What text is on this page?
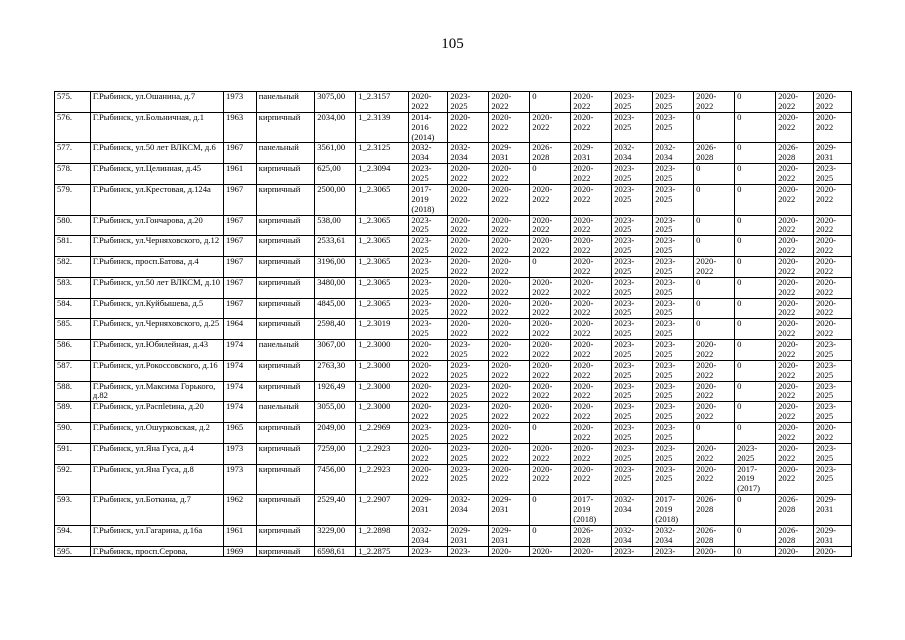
105
575.	Г.Рыбинск, ул.Ошанина, д.7	1973	панельный	3075,00	1_2.3157	2020-2022	2023-2025	2020-2022	0	2020-2022	2023-2025	2023-2025	2020-2022	0	2020-2022	2020-2022
576.	Г.Рыбинск, ул.Больничная, д.1	1963	кирпичный	2034,00	1_2.3139	2014-2016 (2014)	2020-2022	2020-2022	2020-2022	2020-2022	2023-2025	2023-2025	0	0	2020-2022	2020-2022
577.	Г.Рыбинск, ул.50 лет ВЛКСМ, д.6	1967	панельный	3561,00	1_2.3125	2032-2034	2032-2034	2029-2031	2026-2028	2029-2031	2032-2034	2032-2034	2026-2028	0	2026-2028	2029-2031
578.	Г.Рыбинск, ул.Целинная, д.45	1961	кирпичный	625,00	1_2.3094	2023-2025	2020-2022	2020-2022	0	2020-2022	2023-2025	2023-2025	0	0	2020-2022	2023-2025
579.	Г.Рыбинск, ул.Крестовая, д.124а	1967	кирпичный	2500,00	1_2.3065	2017-2019 (2018)	2020-2022	2020-2022	2020-2022	2020-2022	2023-2025	2023-2025	0	0	2020-2022	2020-2022
580.	Г.Рыбинск, ул.Гончарова, д.20	1967	кирпичный	538,00	1_2.3065	2023-2025	2020-2022	2020-2022	2020-2022	2020-2022	2023-2025	2023-2025	0	0	2020-2022	2020-2022
581.	Г.Рыбинск, ул.Черняховского, д.12	1967	кирпичный	2533,61	1_2.3065	2023-2025	2020-2022	2020-2022	2020-2022	2020-2022	2023-2025	2023-2025	0	0	2020-2022	2020-2022
582.	Г.Рыбинск, просп.Батова, д.4	1967	кирпичный	3196,00	1_2.3065	2023-2025	2020-2022	2020-2022	0	2020-2022	2023-2025	2023-2025	2020-2022	0	2020-2022	2020-2022
583.	Г.Рыбинск, ул.50 лет ВЛКСМ, д.10	1967	кирпичный	3480,00	1_2.3065	2023-2025	2020-2022	2020-2022	2020-2022	2020-2022	2023-2025	2023-2025	0	0	2020-2022	2020-2022
584.	Г.Рыбинск, ул.Куйбышева, д.5	1967	кирпичный	4845,00	1_2.3065	2023-2025	2020-2022	2020-2022	2020-2022	2020-2022	2023-2025	2023-2025	0	0	2020-2022	2020-2022
585.	Г.Рыбинск, ул.Черняховского, д.25	1964	кирпичный	2598,40	1_2.3019	2023-2025	2020-2022	2020-2022	2020-2022	2020-2022	2023-2025	2023-2025	0	0	2020-2022	2020-2022
586.	Г.Рыбинск, ул.Юбилейная, д.43	1974	панельный	3067,00	1_2.3000	2020-2022	2023-2025	2020-2022	2020-2022	2020-2022	2023-2025	2023-2025	2020-2022	0	2020-2022	2023-2025
587.	Г.Рыбинск, ул.Рокоссовского, д.16	1974	кирпичный	2763,30	1_2.3000	2020-2022	2023-2025	2020-2022	2020-2022	2020-2022	2023-2025	2023-2025	2020-2022	0	2020-2022	2023-2025
588.	Г.Рыбинск, ул.Максима Горького, д.82	1974	кирпичный	1926,49	1_2.3000	2020-2022	2023-2025	2020-2022	2020-2022	2020-2022	2023-2025	2023-2025	2020-2022	0	2020-2022	2023-2025
589.	Г.Рыбинск, ул.Распletина, д.20	1974	панельный	3055,00	1_2.3000	2020-2022	2023-2025	2020-2022	2020-2022	2020-2022	2023-2025	2023-2025	2020-2022	0	2020-2022	2023-2025
590.	Г.Рыбинск, ул.Ошурковская, д.2	1965	кирпичный	2049,00	1_2.2969	2023-2025	2023-2025	2020-2022	0	2020-2022	2023-2025	2023-2025	0	0	2020-2022	2020-2022
591.	Г.Рыбинск, ул.Яна Гуса, д.4	1973	кирпичный	7259,00	1_2.2923	2020-2022	2023-2025	2020-2022	2020-2022	2020-2022	2023-2025	2023-2025	2020-2022	2023-2025	2020-2022	2023-2025
592.	Г.Рыбинск, ул.Яна Гуса, д.8	1973	кирпичный	7456,00	1_2.2923	2020-2022	2023-2025	2020-2022	2020-2022	2020-2022	2023-2025	2023-2025	2020-2022	2017-2019 (2017)	2020-2022	2023-2025
593.	Г.Рыбинск, ул.Боткина, д.7	1962	кирпичный	2529,40	1_2.2907	2029-2031	2032-2034	2029-2031	0	2017-2019 (2018)	2032-2034	2017-2019 (2018)	2026-2028	0	2026-2028	2029-2031
594.	Г.Рыбинск, ул.Гагарина, д.16а	1961	кирпичный	3229,00	1_2.2898	2032-2034	2029-2031	2029-2031	0	2026-2028	2032-2034	2032-2034	2026-2028	0	2026-2028	2029-2031
595.	Г.Рыбинск, просп.Серова,	1969	кирпичный	6598,61	1_2.2875	2023-	2023-	2020-	2020-	2020-	2023-	2023-	2020-	0	2020-	2020-
